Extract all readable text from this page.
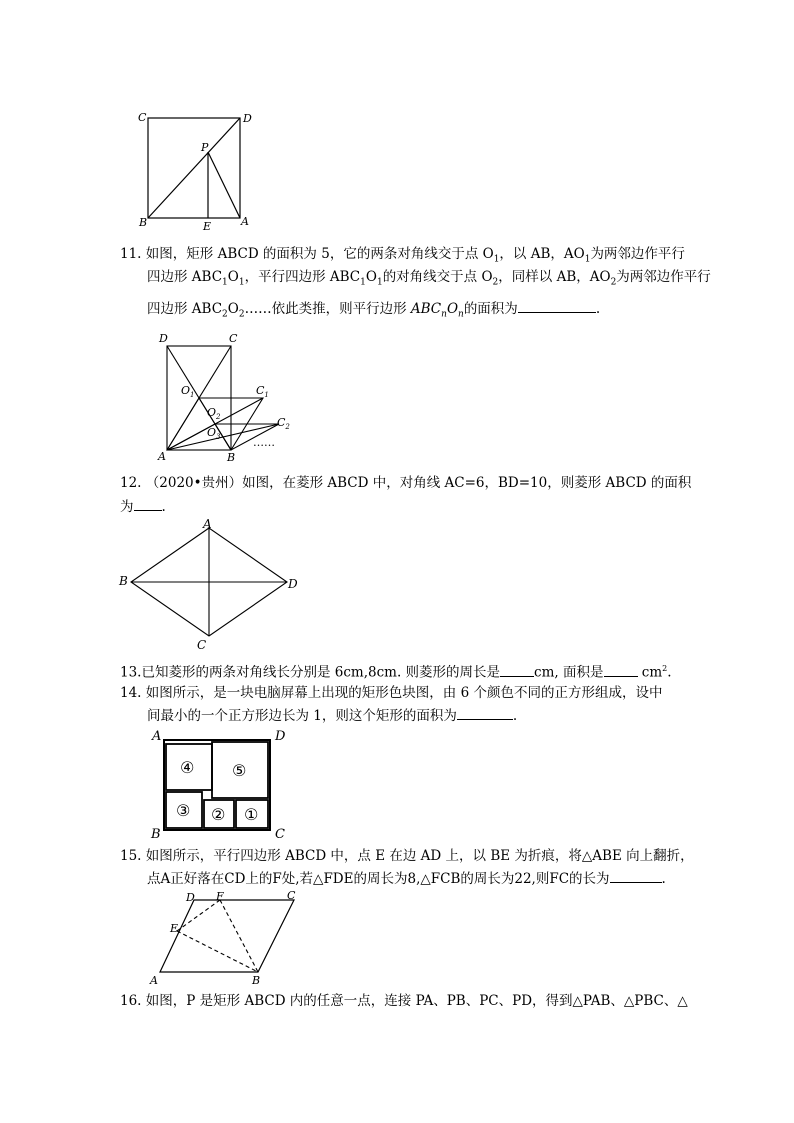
C	D
P
B	E	A
11. 如图，矩形 ABCD 的面积为 5，它的两条对角线交于点 $O_1$，以 AB，$AO_1$为两邻边作平行
四边形 $ABC_1O_1$，平行四边形 $ABC_1O_1$的对角线交于点 $O_2$，同样以 AB，$AO_2$为两邻边作平行
四边形 $ABC_2O_2\dots\dots$依此类推，则平行边形 $ABC_nO_n$的面积为	.
D	C
$O_1$
$O_2$
$O_3$
$C_1$
$C_2$
A	B
……
12. （2020•贵州）如图，在菱形 ABCD 中，对角线 AC=6，BD=10，则菱形 ABCD 的面积
为 .
A
B
C
D
13.已知菱形的两条对角线长分别是 6cm,8cm. 则菱形的周长是	cm, 面积是	$cm^2$.
14. 如图所示，是一块电脑屏幕上出现的矩形色块图，由 6 个颜色不同的正方形组成，设中
间最小的一个正方形边长为 1，则这个矩形的面积为	.
A	D
B	C
④ ⑤
③ ② ①
15. 如图所示，平行四边形 ABCD 中，点 E 在边 AD 上，以 BE 为折痕，将△ABE 向上翻折，
点A正好落在CD上的F处,若△FDE的周长为8,△FCB的周长为22,则FC的长为	.
D F	C
E
A	B
16. 如图，P 是矩形 ABCD 内的任意一点，连接 PA、PB、PC、PD，得到△PAB、△PBC、△
